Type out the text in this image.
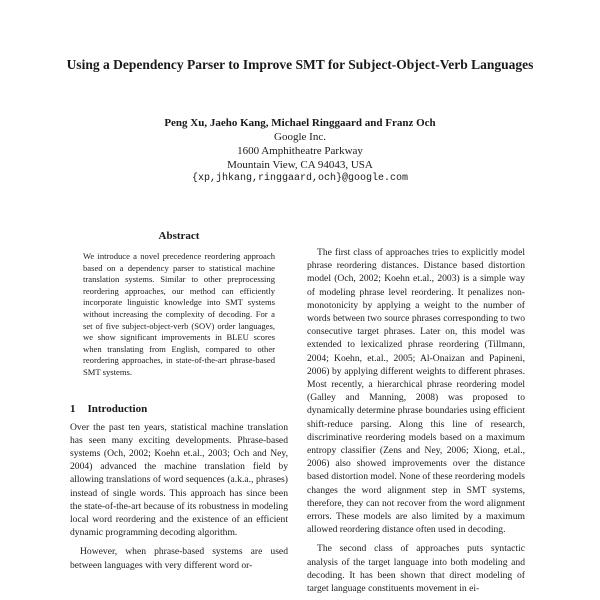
Using a Dependency Parser to Improve SMT for Subject-Object-Verb Languages
Peng Xu, Jaeho Kang, Michael Ringgaard and Franz Och
Google Inc.
1600 Amphitheatre Parkway
Mountain View, CA 94043, USA
{xp,jhkang,ringgaard,och}@google.com
Abstract

We introduce a novel precedence reordering approach based on a dependency parser to statistical machine translation systems. Similar to other preprocessing reordering approaches, our method can efficiently incorporate linguistic knowledge into SMT systems without increasing the complexity of decoding. For a set of five subject-object-verb (SOV) order languages, we show significant improvements in BLEU scores when translating from English, compared to other reordering approaches, in state-of-the-art phrase-based SMT systems.

1 Introduction

Over the past ten years, statistical machine translation has seen many exciting developments. Phrase-based systems (Och, 2002; Koehn et.al., 2003; Och and Ney, 2004) advanced the machine translation field by allowing translations of word sequences (a.k.a., phrases) instead of single words. This approach has since been the state-of-the-art because of its robustness in modeling local word reordering and the existence of an efficient dynamic programming decoding algorithm.

However, when phrase-based systems are used between languages with very different word or-

The first class of approaches tries to explicitly model phrase reordering distances. Distance based distortion model (Och, 2002; Koehn et.al., 2003) is a simple way of modeling phrase level reordering. It penalizes non-monotonicity by applying a weight to the number of words between two source phrases corresponding to two consecutive target phrases. Later on, this model was extended to lexicalized phrase reordering (Tillmann, 2004; Koehn, et.al., 2005; Al-Onaizan and Papineni, 2006) by applying different weights to different phrases. Most recently, a hierarchical phrase reordering model (Galley and Manning, 2008) was proposed to dynamically determine phrase boundaries using efficient shift-reduce parsing. Along this line of research, discriminative reordering models based on a maximum entropy classifier (Zens and Ney, 2006; Xiong, et.al., 2006) also showed improvements over the distance based distortion model. None of these reordering models changes the word alignment step in SMT systems, therefore, they can not recover from the word alignment errors. These models are also limited by a maximum allowed reordering distance often used in decoding.

The second class of approaches puts syntactic analysis of the target language into both modeling and decoding. It has been shown that direct modeling of target language constituents movement in ei-
